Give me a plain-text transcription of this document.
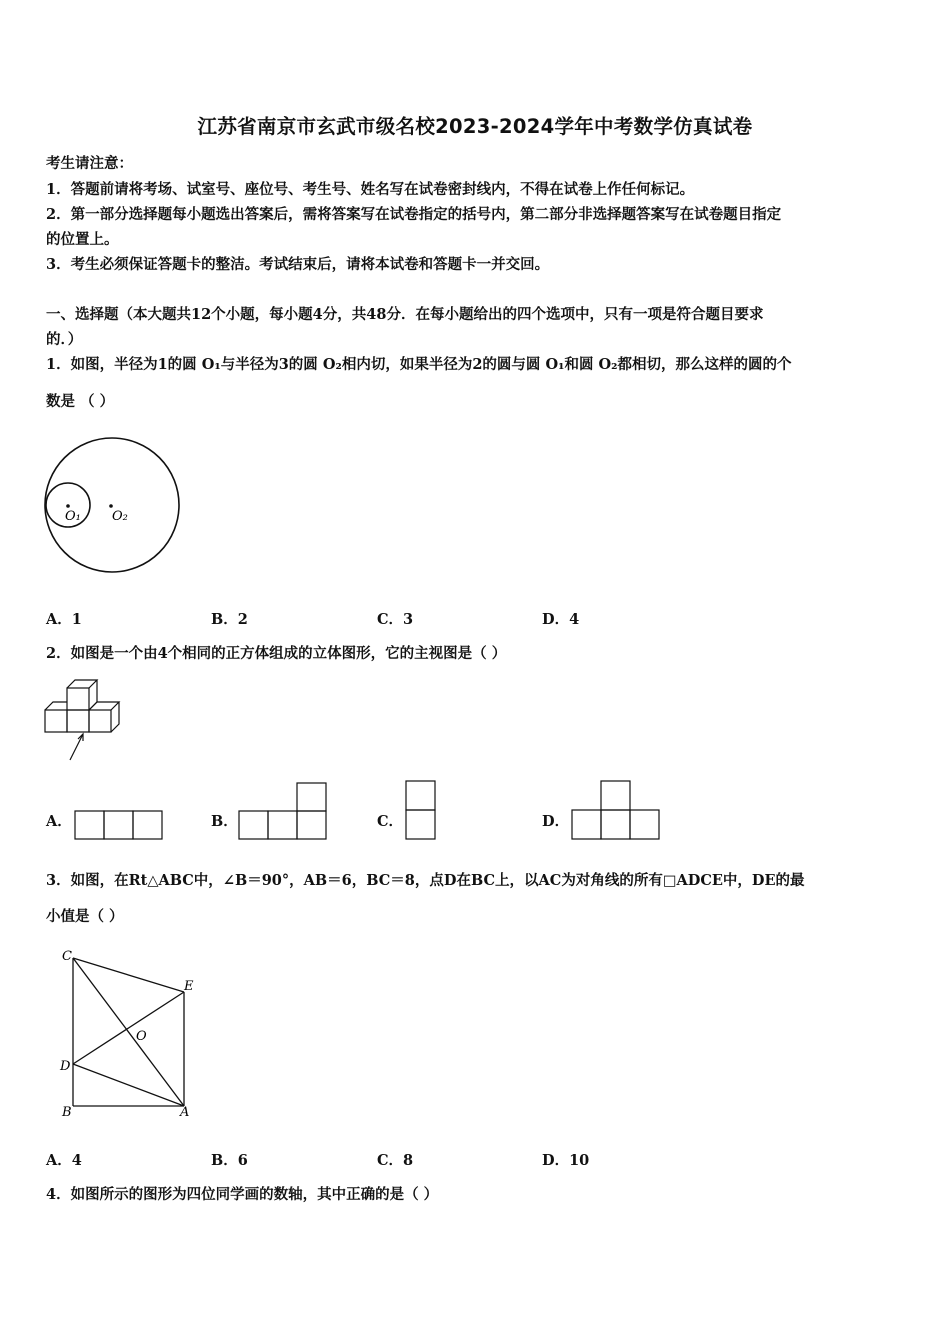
江苏省南京市玄武市级名校2023-2024学年中考数学仿真试卷
考生请注意：
1．答题前请将考场、试室号、座位号、考生号、姓名写在试卷密封线内，不得在试卷上作任何标记。
2．第一部分选择题每小题选出答案后，需将答案写在试卷指定的括号内，第二部分非选择题答案写在试卷题目指定
的位置上。
3．考生必须保证答题卡的整洁。考试结束后，请将本试卷和答题卡一并交回。
一、选择题（本大题共12个小题，每小题4分，共48分．在每小题给出的四个选项中，只有一项是符合题目要求
的．）
1．如图，半径为1的圆 O₁与半径为3的圆 O₂相内切，如果半径为2的圆与圆 O₁和圆 O₂都相切，那么这样的圆的个
数是 （ ）
O₁ O₂
A．1	B．2	C．3	D．4
2．如图是一个由4个相同的正方体组成的立体图形，它的主视图是（ ）
A．	B．	C．	D．
3．如图，在Rt△ABC中，∠B＝90°，AB＝6，BC＝8，点D在BC上，以AC为对角线的所有□ADCE中，DE的最
小值是（ ）
C
E
O
D
B	A
A．4	B．6	C．8	D．10
4．如图所示的图形为四位同学画的数轴，其中正确的是（ ）
